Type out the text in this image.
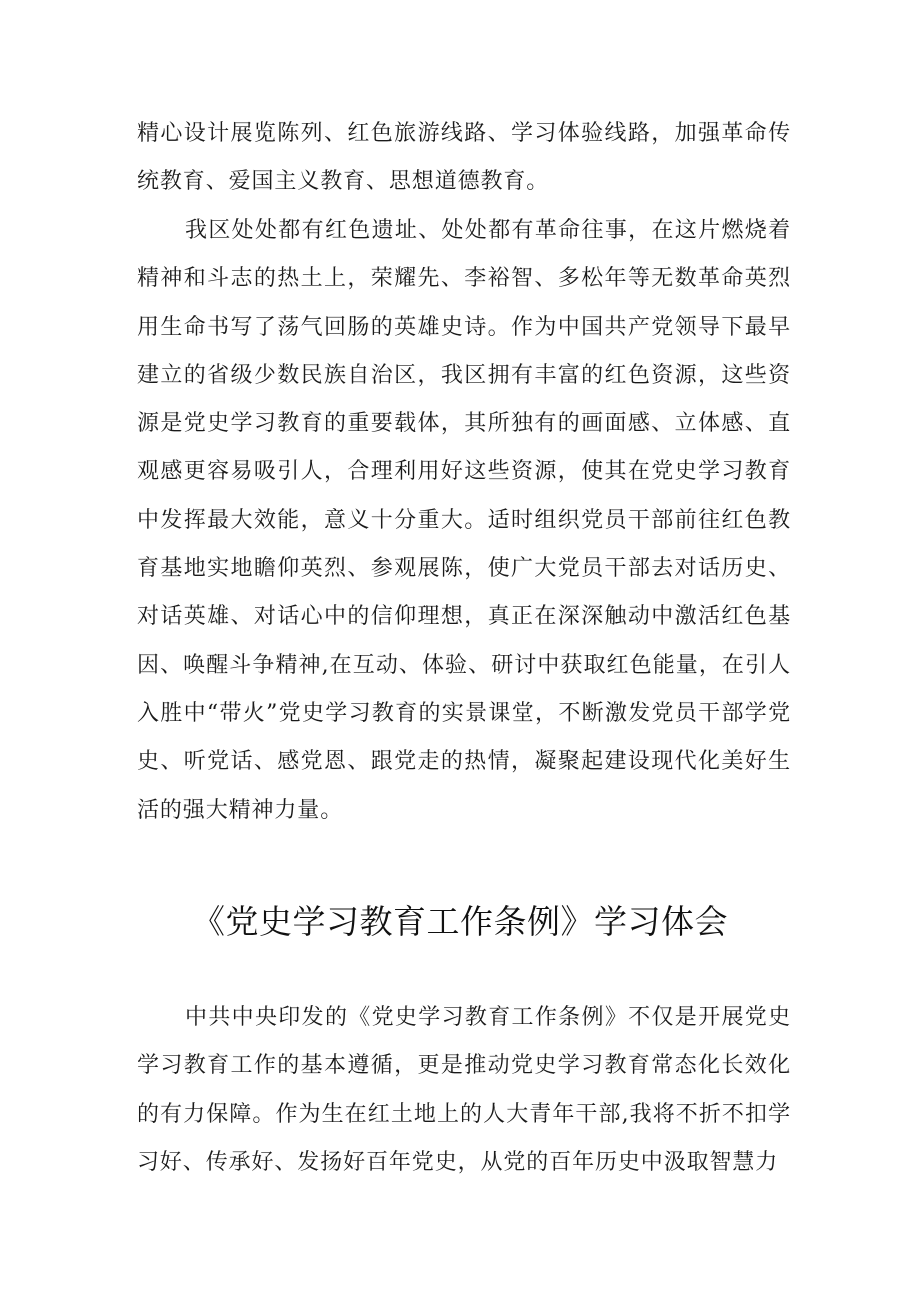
精心设计展览陈列、红色旅游线路、学习体验线路，加强革命传统教育、爱国主义教育、思想道德教育。

我区处处都有红色遗址、处处都有革命往事，在这片燃烧着精神和斗志的热土上，荣耀先、李裕智、多松年等无数革命英烈用生命书写了荡气回肠的英雄史诗。作为中国共产党领导下最早建立的省级少数民族自治区，我区拥有丰富的红色资源，这些资源是党史学习教育的重要载体，其所独有的画面感、立体感、直观感更容易吸引人，合理利用好这些资源，使其在党史学习教育中发挥最大效能，意义十分重大。适时组织党员干部前往红色教育基地实地瞻仰英烈、参观展陈，使广大党员干部去对话历史、对话英雄、对话心中的信仰理想，真正在深深触动中激活红色基因、唤醒斗争精神,在互动、体验、研讨中获取红色能量，在引人入胜中“带火”党史学习教育的实景课堂，不断激发党员干部学党史、听党话、感党恩、跟党走的热情，凝聚起建设现代化美好生活的强大精神力量。

《党史学习教育工作条例》学习体会

中共中央印发的《党史学习教育工作条例》不仅是开展党史学习教育工作的基本遵循，更是推动党史学习教育常态化长效化的有力保障。作为生在红土地上的人大青年干部,我将不折不扣学习好、传承好、发扬好百年党史，从党的百年历史中汲取智慧力
